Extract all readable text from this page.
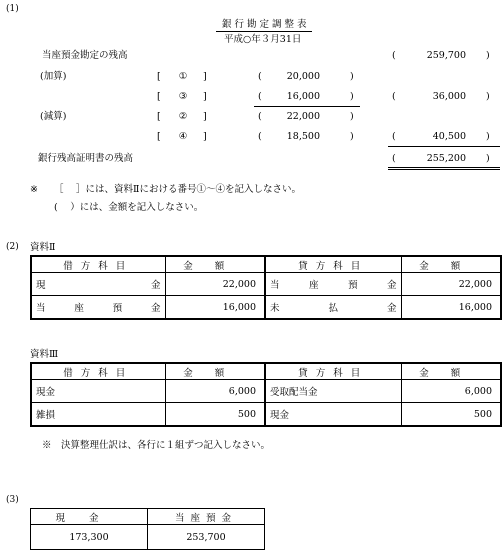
(1)
銀行勘定調整表
平成○年３月31日
当座預金勘定の残高	(	259,700 )
(加算)	[	①	]	(	20,000	)
[	③	]	(	16,000	)	(	36,000 )
(減算)	[	②	]	(	22,000	)
[	④	]	(	18,500	)	(	40,500 )
銀行残高証明書の残高	(	255,200 )
※ ［　 ］には、資料Ⅱにおける番号①～④を記入しなさい。
(　 ）には、金額を記入しなさい。
(2) 資料Ⅱ
借方科目	金額	貸方科目	金額

現 金	22,000	当 座 預 金	22,000

当 座 預 金	16,000	未 払 金	16,000
資料Ⅲ
借方科目	金額	貸方科目	金額
現金	6,000	受取配当金	6,000
雑損	500	現金	500
※　決算整理仕訳は、各行に１組ずつ記入しなさい。
(3)
現金	当座預金
173,300	253,700
